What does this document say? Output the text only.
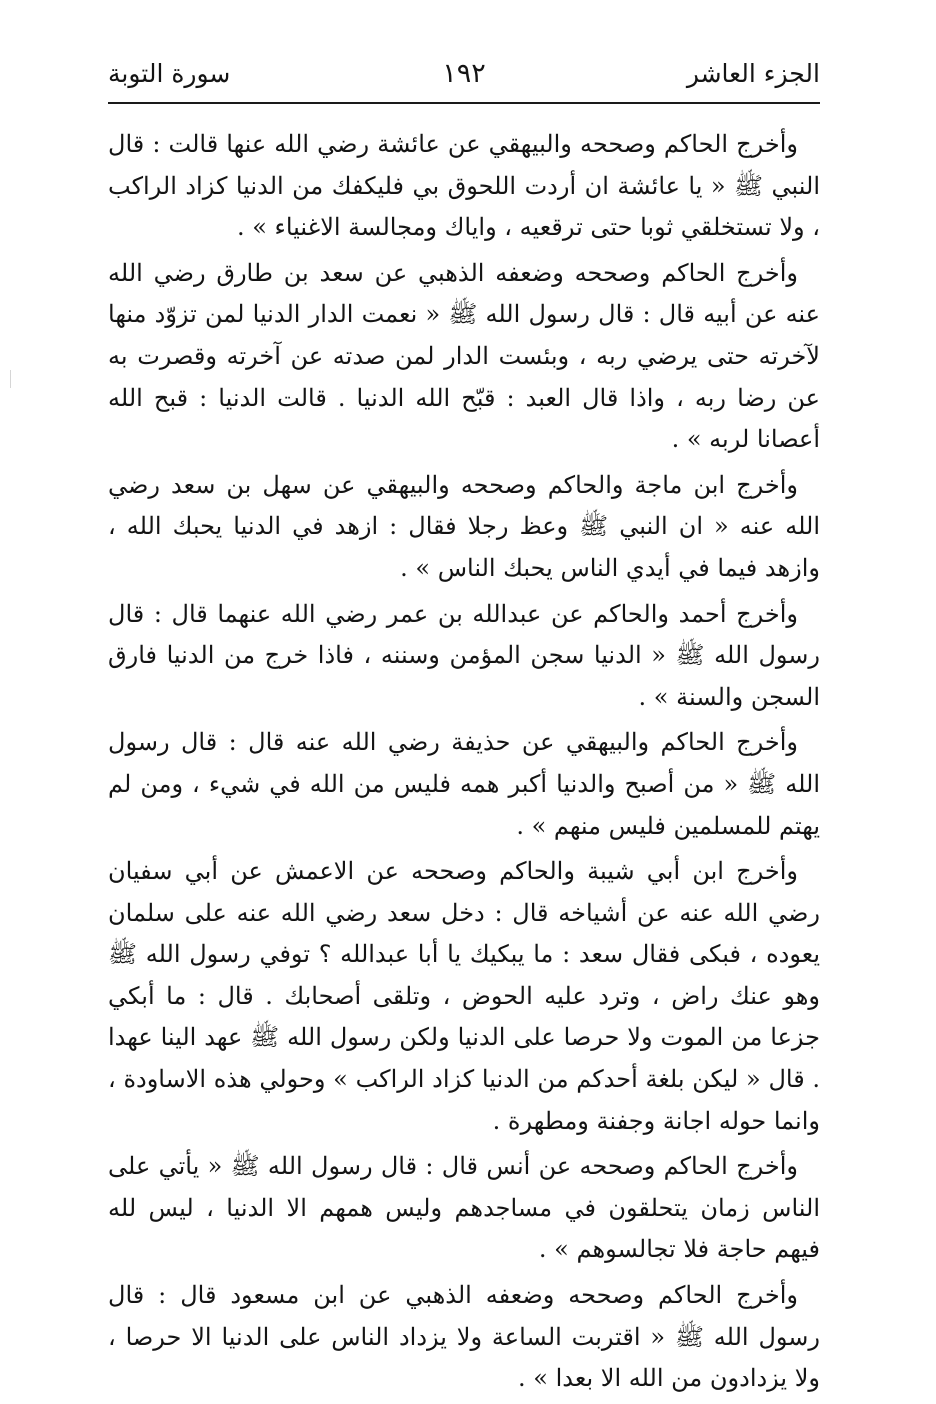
الجزء العاشر
١٩٢
سورة التوبة

وأخرج الحاكم وصححه والبيهقي عن عائشة رضي الله عنها قالت : قال النبي ﷺ « يا عائشة ان أردت اللحوق بي فليكفك من الدنيا كزاد الراكب ، ولا تستخلقي ثوبا حتى ترقعيه ، واياك ومجالسة الاغنياء » .

وأخرج الحاكم وصححه وضعفه الذهبي عن سعد بن طارق رضي الله عنه عن أبيه قال : قال رسول الله ﷺ « نعمت الدار الدنيا لمن تزوّد منها لآخرته حتى يرضي ربه ، وبئست الدار لمن صدته عن آخرته وقصرت به عن رضا ربه ، واذا قال العبد : قبّح الله الدنيا . قالت الدنيا : قبح الله أعصانا لربه » .

وأخرج ابن ماجة والحاكم وصححه والبيهقي عن سهل بن سعد رضي الله عنه « ان النبي ﷺ وعظ رجلا فقال : ازهد في الدنيا يحبك الله ، وازهد فيما في أيدي الناس يحبك الناس » .

وأخرج أحمد والحاكم عن عبدالله بن عمر رضي الله عنهما قال : قال رسول الله ﷺ « الدنيا سجن المؤمن وسننه ، فاذا خرج من الدنيا فارق السجن والسنة » .

وأخرج الحاكم والبيهقي عن حذيفة رضي الله عنه قال : قال رسول الله ﷺ « من أصبح والدنيا أكبر همه فليس من الله في شيء ، ومن لم يهتم للمسلمين فليس منهم » .

وأخرج ابن أبي شيبة والحاكم وصححه عن الاعمش عن أبي سفيان رضي الله عنه عن أشياخه قال : دخل سعد رضي الله عنه على سلمان يعوده ، فبكى فقال سعد : ما يبكيك يا أبا عبدالله ؟ توفي رسول الله ﷺ وهو عنك راض ، وترد عليه الحوض ، وتلقى أصحابك . قال : ما أبكي جزعا من الموت ولا حرصا على الدنيا ولكن رسول الله ﷺ عهد الينا عهدا . قال « ليكن بلغة أحدكم من الدنيا كزاد الراكب » وحولي هذه الاساودة ، وانما حوله اجانة وجفنة ومطهرة .

وأخرج الحاكم وصححه عن أنس قال : قال رسول الله ﷺ « يأتي على الناس زمان يتحلقون في مساجدهم وليس همهم الا الدنيا ، ليس لله فيهم حاجة فلا تجالسوهم » .

وأخرج الحاكم وصححه وضعفه الذهبي عن ابن مسعود قال : قال رسول الله ﷺ « اقتربت الساعة ولا يزداد الناس على الدنيا الا حرصا ، ولا يزدادون من الله الا بعدا » .
